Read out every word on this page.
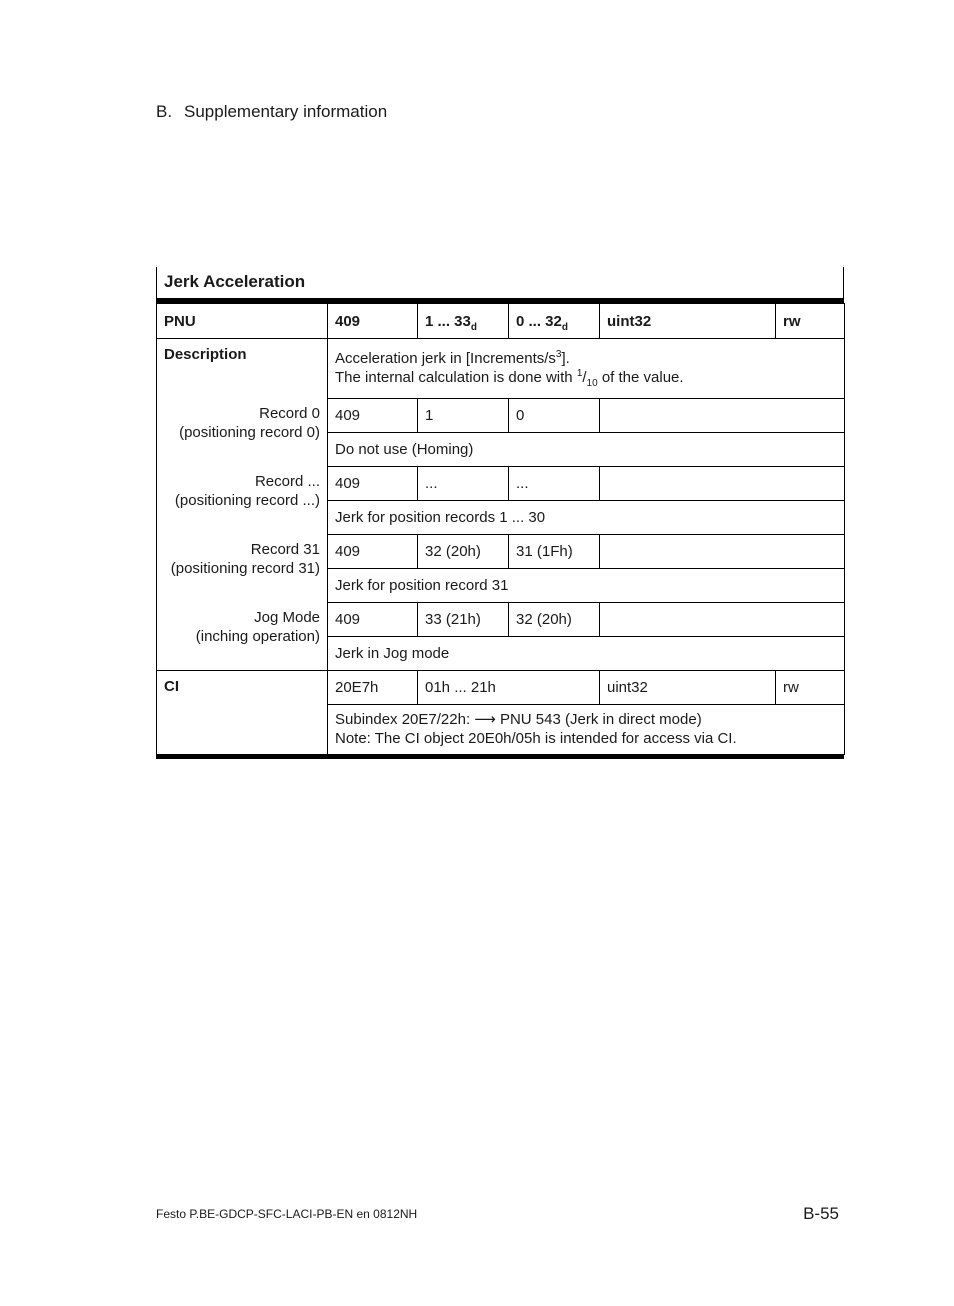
B. Supplementary information
Jerk Acceleration
PNU	409	1 ... $33_d$	0 ... $32_d$	uint32	rw
Description	Acceleration jerk in $[Increments/s^3]$.
The internal calculation is done with $^1/_{10}$ of the value.				

Record 0
(positioning record 0)	409	1	0		
	Do not use (Homing)				

Record ...
(positioning record ...)	409	...	...		
	Jerk for position records 1 ... 30				

Record 31
(positioning record 31)	409	32 (20h)	31 (1Fh)		
	Jerk for position record 31				

Jog Mode
(inching operation)	409	33 (21h)	32 (20h)		
	Jerk in Jog mode				
CI	20E7h	01h ... 21h		uint32	rw

	Subindex 20E7/22h: ⟶ PNU 543 (Jerk in direct mode)
Note: The CI object 20E0h/05h is intended for access via CI.				
Festo P.BE-GDCP-SFC-LACI-PB-EN en 0812NH	B-55
